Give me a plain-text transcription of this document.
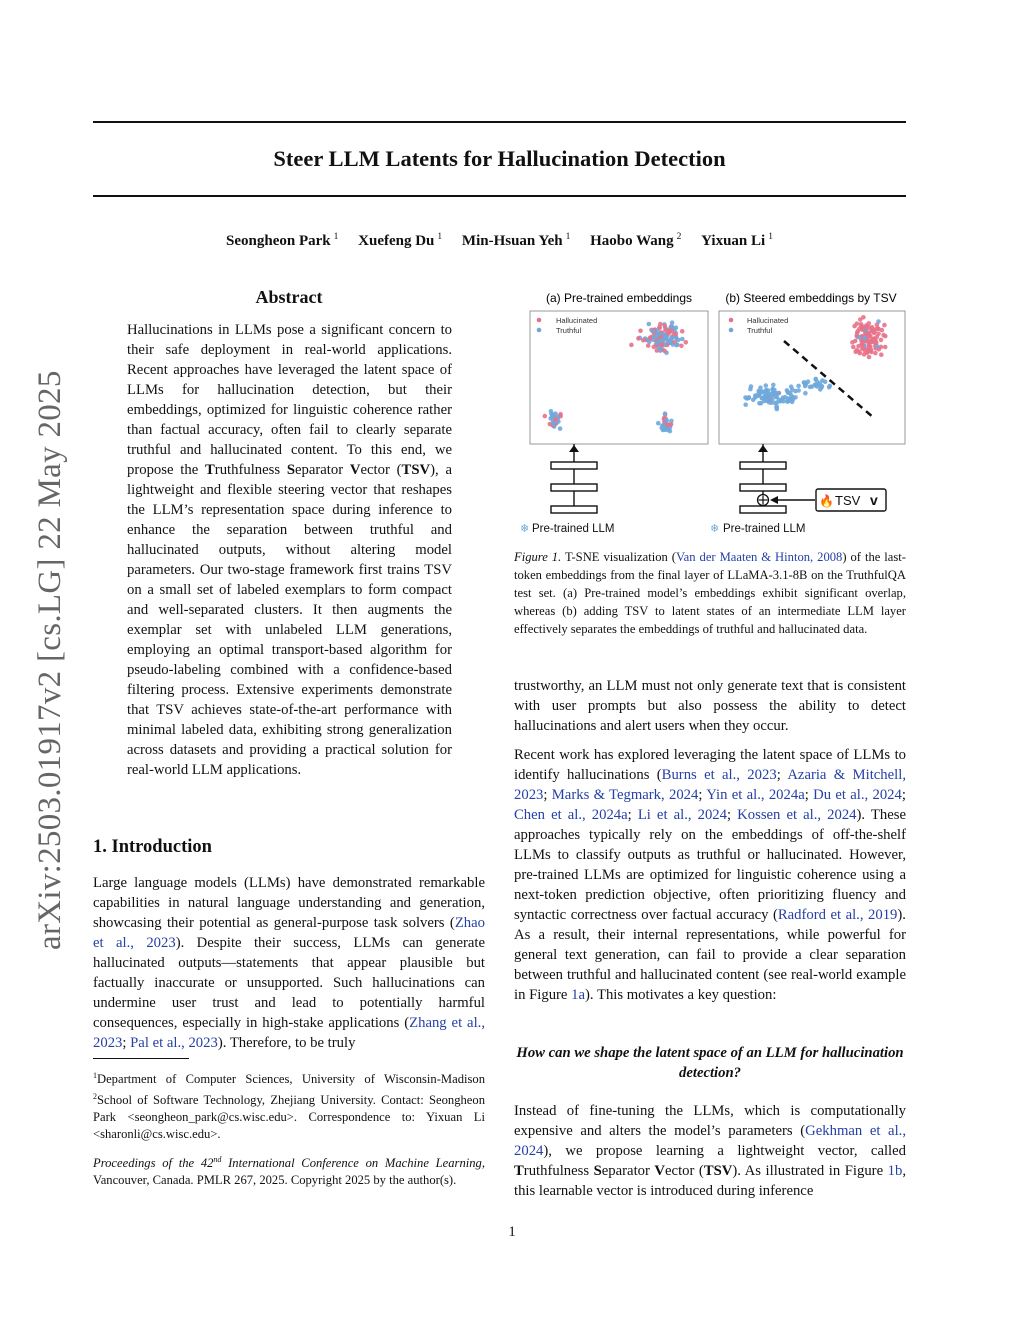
arXiv:2503.01917v2 [cs.LG] 22 May 2025
Steer LLM Latents for Hallucination Detection
Seongheon Park $^1$ Xuefeng Du $^1$ Min-Hsuan Yeh $^1$ Haobo Wang $^2$ Yixuan Li $^1$
Abstract
Hallucinations in LLMs pose a significant concern to their safe deployment in real-world applications. Recent approaches have leveraged the latent space of LLMs for hallucination detection, but their embeddings, optimized for linguistic coherence rather than factual accuracy, often fail to clearly separate truthful and hallucinated content. To this end, we propose the Truthfulness Separator Vector (TSV), a lightweight and flexible steering vector that reshapes the LLM’s representation space during inference to enhance the separation between truthful and hallucinated outputs, without altering model parameters. Our two-stage framework first trains TSV on a small set of labeled exemplars to form compact and well-separated clusters. It then augments the exemplar set with unlabeled LLM generations, employing an optimal transport-based algorithm for pseudo-labeling combined with a confidence-based filtering process. Extensive experiments demonstrate that TSV achieves state-of-the-art performance with minimal labeled data, exhibiting strong generalization across datasets and providing a practical solution for real-world LLM applications.
1. Introduction
Large language models (LLMs) have demonstrated remarkable capabilities in natural language understanding and generation, showcasing their potential as general-purpose task solvers (Zhao et al., 2023). Despite their success, LLMs can generate hallucinated outputs—statements that appear plausible but factually inaccurate or unsupported. Such hallucinations can undermine user trust and lead to potentially harmful consequences, especially in high-stake applications (Zhang et al., 2023; Pal et al., 2023). Therefore, to be truly
$^1$Department of Computer Sciences, University of Wisconsin-Madison $^2$School of Software Technology, Zhejiang University. Contact: Seongheon Park <seongheon_park@cs.wisc.edu>. Correspondence to: Yixuan Li <sharonli@cs.wisc.edu>.
Proceedings of the 42nd International Conference on Machine Learning, Vancouver, Canada. PMLR 267, 2025. Copyright 2025 by the author(s).
(a) Pre-trained embeddings	(b) Steered embeddings by TSV
Hallucinated
Truthful
Hallucinated
Truthful
❄ Pre-trained LLM
🔥 TSV v
❄ Pre-trained LLM
Figure 1. T-SNE visualization (Van der Maaten & Hinton, 2008) of the last-token embeddings from the final layer of LLaMA-3.1-8B on the TruthfulQA test set. (a) Pre-trained model’s embeddings exhibit significant overlap, whereas (b) adding TSV to latent states of an intermediate LLM layer effectively separates the embeddings of truthful and hallucinated data.
trustworthy, an LLM must not only generate text that is consistent with user prompts but also possess the ability to detect hallucinations and alert users when they occur.
Recent work has explored leveraging the latent space of LLMs to identify hallucinations (Burns et al., 2023; Azaria & Mitchell, 2023; Marks & Tegmark, 2024; Yin et al., 2024a; Du et al., 2024; Chen et al., 2024a; Li et al., 2024; Kossen et al., 2024). These approaches typically rely on the embeddings of off-the-shelf LLMs to classify outputs as truthful or hallucinated. However, pre-trained LLMs are optimized for linguistic coherence using a next-token prediction objective, often prioritizing fluency and syntactic correctness over factual accuracy (Radford et al., 2019). As a result, their internal representations, while powerful for general text generation, can fail to provide a clear separation between truthful and hallucinated content (see real-world example in Figure 1a). This motivates a key question:
How can we shape the latent space of an LLM for hallucination detection?
Instead of fine-tuning the LLMs, which is computationally expensive and alters the model’s parameters (Gekhman et al., 2024), we propose learning a lightweight vector, called Truthfulness Separator Vector (TSV). As illustrated in Figure 1b, this learnable vector is introduced during inference
1
